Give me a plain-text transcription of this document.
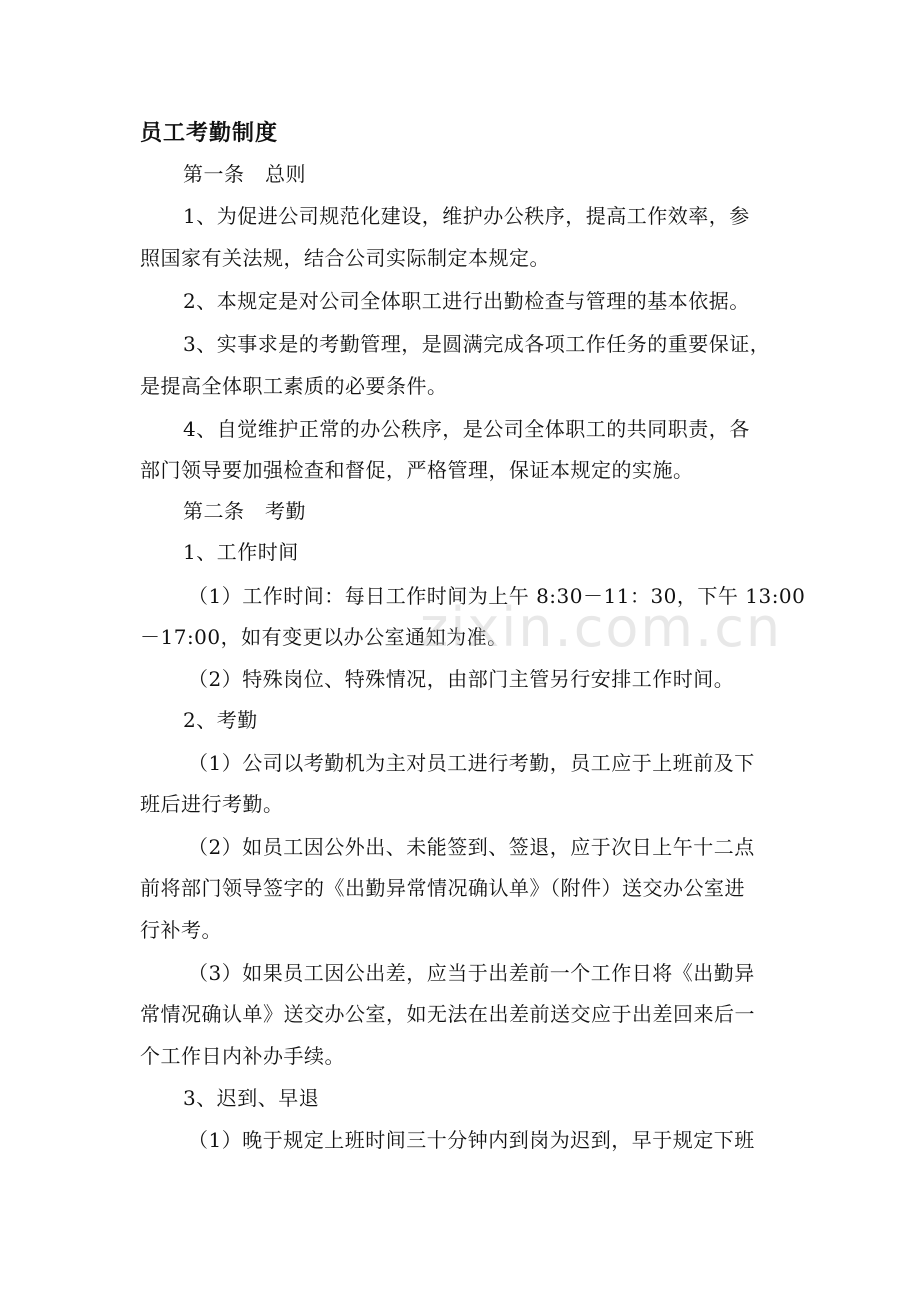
员工考勤制度
第一条　总则
1、为促进公司规范化建设，维护办公秩序，提高工作效率，参
照国家有关法规，结合公司实际制定本规定。
2、本规定是对公司全体职工进行出勤检查与管理的基本依据。
3、实事求是的考勤管理，是圆满完成各项工作任务的重要保证，
是提高全体职工素质的必要条件。
4、自觉维护正常的办公秩序，是公司全体职工的共同职责，各
部门领导要加强检查和督促，严格管理，保证本规定的实施。
第二条　考勤
1、工作时间
（1）工作时间：每日工作时间为上午 8:30－11：30，下午 13:00
－17:00，如有变更以办公室通知为准。
（2）特殊岗位、特殊情况，由部门主管另行安排工作时间。
2、考勤
（1）公司以考勤机为主对员工进行考勤，员工应于上班前及下
班后进行考勤。
（2）如员工因公外出、未能签到、签退，应于次日上午十二点
前将部门领导签字的《出勤异常情况确认单》（附件）送交办公室进
行补考。
（3）如果员工因公出差，应当于出差前一个工作日将《出勤异
常情况确认单》送交办公室，如无法在出差前送交应于出差回来后一
个工作日内补办手续。
3、迟到、早退
（1）晚于规定上班时间三十分钟内到岗为迟到，早于规定下班
zixin.com.cn
